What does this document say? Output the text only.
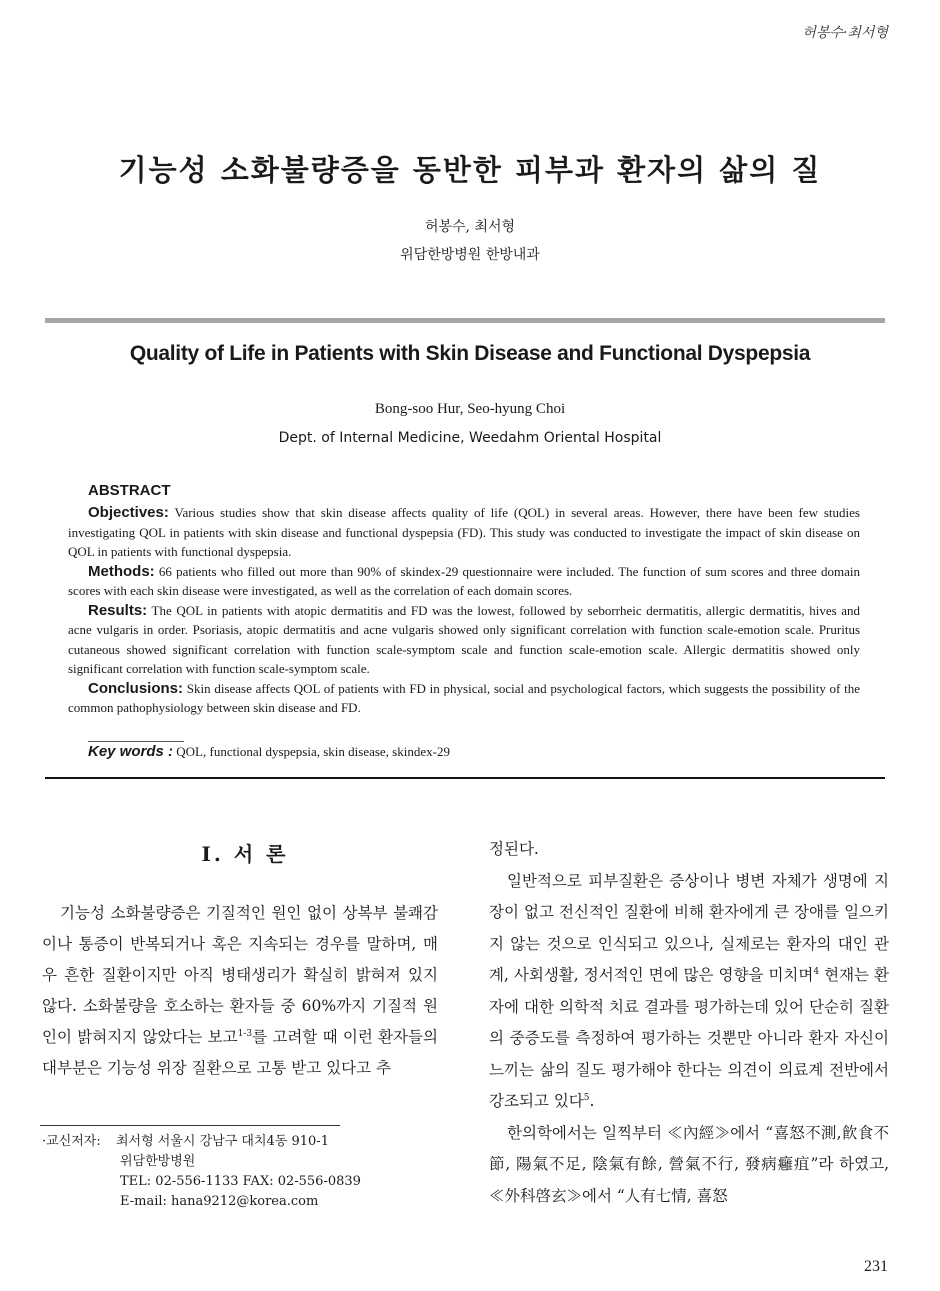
허봉수·최서형
기능성 소화불량증을 동반한 피부과 환자의 삶의 질
허봉수, 최서형
위담한방병원 한방내과
Quality of Life in Patients with Skin Disease and Functional Dyspepsia
Bong-soo Hur, Seo-hyung Choi
Dept. of Internal Medicine, Weedahm Oriental Hospital
ABSTRACT

Objectives: Various studies show that skin disease affects quality of life (QOL) in several areas. However, there have been few studies investigating QOL in patients with skin disease and functional dyspepsia (FD). This study was conducted to investigate the impact of skin disease on QOL in patients with functional dyspepsia.

Methods: 66 patients who filled out more than 90% of skindex-29 questionnaire were included. The function of sum scores and three domain scores with each skin disease were investigated, as well as the correlation of each domain scores.

Results: The QOL in patients with atopic dermatitis and FD was the lowest, followed by seborrheic dermatitis, allergic dermatitis, hives and acne vulgaris in order. Psoriasis, atopic dermatitis and acne vulgaris showed only significant correlation with function scale-emotion scale. Pruritus cutaneous showed significant correlation with function scale-symptom scale and function scale-emotion scale. Allergic dermatitis showed only significant correlation with function scale-symptom scale.

Conclusions: Skin disease affects QOL of patients with FD in physical, social and psychological factors, which suggests the possibility of the common pathophysiology between skin disease and FD.

Key words : QOL, functional dyspepsia, skin disease, skindex-29
Ⅰ. 서 론

기능성 소화불량증은 기질적인 원인 없이 상복부 불쾌감이나 통증이 반복되거나 혹은 지속되는 경우를 말하며, 매우 흔한 질환이지만 아직 병태생리가 확실히 밝혀져 있지 않다. 소화불량을 호소하는 환자들 중 60%까지 기질적 원인이 밝혀지지 않았다는 보고$^{1-3}$를 고려할 때 이런 환자들의 대부분은 기능성 위장 질환으로 고통 받고 있다고 추

·교신저자: 최서형 서울시 강남구 대치4동 910-1
위담한방병원
TEL: 02-556-1133 FAX: 02-556-0839
E-mail: hana9212@korea.com

정된다.

일반적으로 피부질환은 증상이나 병변 자체가 생명에 지장이 없고 전신적인 질환에 비해 환자에게 큰 장애를 일으키지 않는 것으로 인식되고 있으나, 실제로는 환자의 대인 관계, 사회생활, 정서적인 면에 많은 영향을 미치며$^4$ 현재는 환자에 대한 의학적 치료 결과를 평가하는데 있어 단순히 질환의 중증도를 측정하여 평가하는 것뿐만 아니라 환자 자신이 느끼는 삶의 질도 평가해야 한다는 의견이 의료계 전반에서 강조되고 있다$^5$.

한의학에서는 일찍부터 ≪內經≫에서 “喜怒不測,飮食不節, 陽氣不足, 陰氣有餘, 營氣不行, 發病癰疽”라 하였고, ≪外科啓玄≫에서 “人有七情, 喜怒

231
